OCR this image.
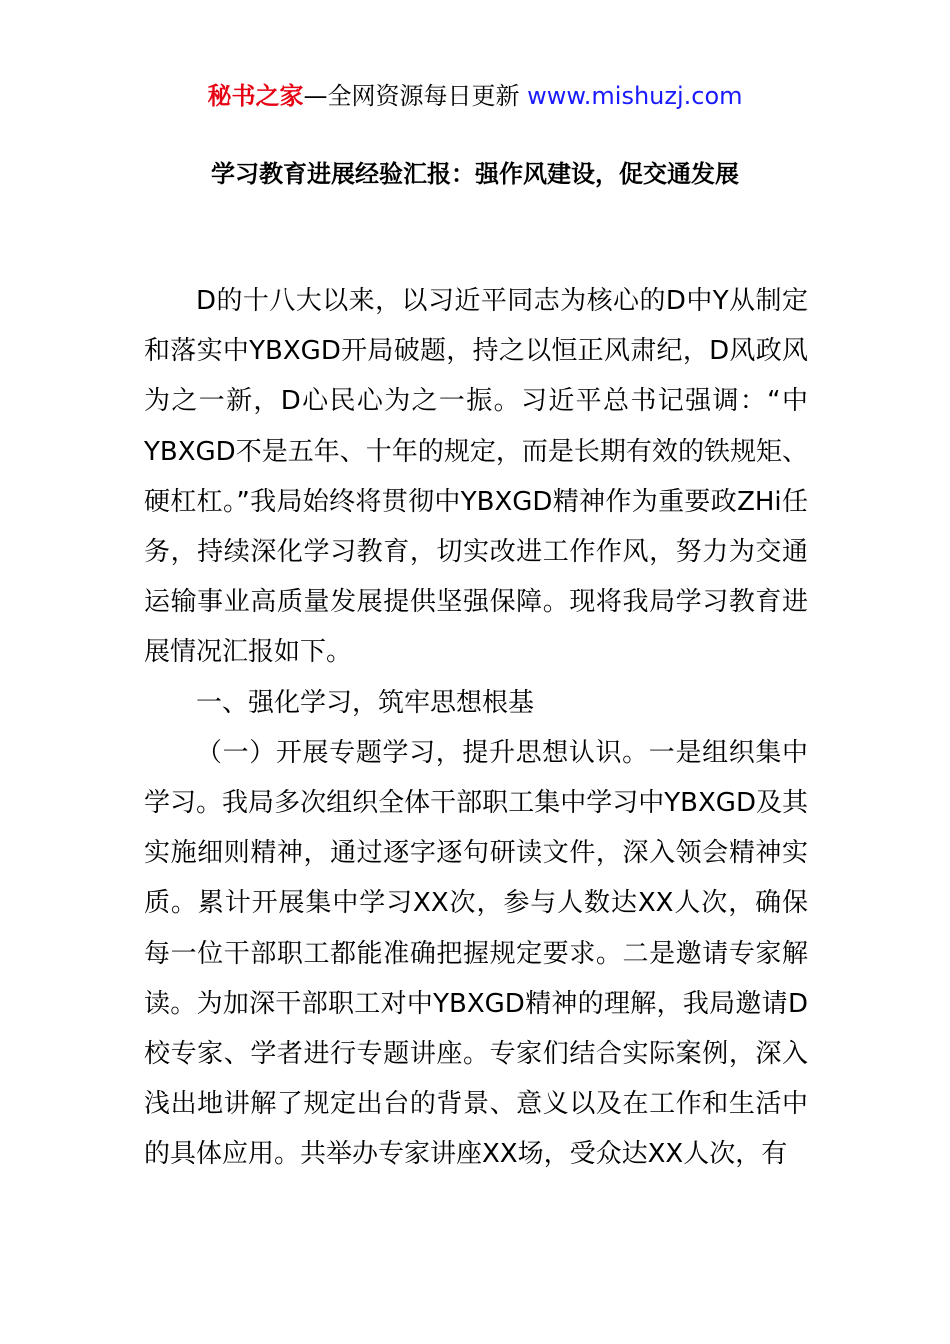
秘书之家—全网资源每日更新 www.mishuzj.com
学习教育进展经验汇报：强作风建设，促交通发展

D的十八大以来，以习近平同志为核心的D中Y从制定和落实中YBXGD开局破题，持之以恒正风肃纪，D风政风为之一新，D心民心为之一振。习近平总书记强调：“中YBXGD不是五年、十年的规定，而是长期有效的铁规矩、硬杠杠。”我局始终将贯彻中YBXGD精神作为重要政ZHi任务，持续深化学习教育，切实改进工作作风，努力为交通运输事业高质量发展提供坚强保障。现将我局学习教育进展情况汇报如下。

一、强化学习，筑牢思想根基

（一）开展专题学习，提升思想认识。一是组织集中学习。我局多次组织全体干部职工集中学习中YBXGD及其实施细则精神，通过逐字逐句研读文件，深入领会精神实质。累计开展集中学习XX次，参与人数达XX人次，确保每一位干部职工都能准确把握规定要求。二是邀请专家解读。为加深干部职工对中YBXGD精神的理解，我局邀请D校专家、学者进行专题讲座。专家们结合实际案例，深入浅出地讲解了规定出台的背景、意义以及在工作和生活中的具体应用。共举办专家讲座XX场，受众达XX人次，有
